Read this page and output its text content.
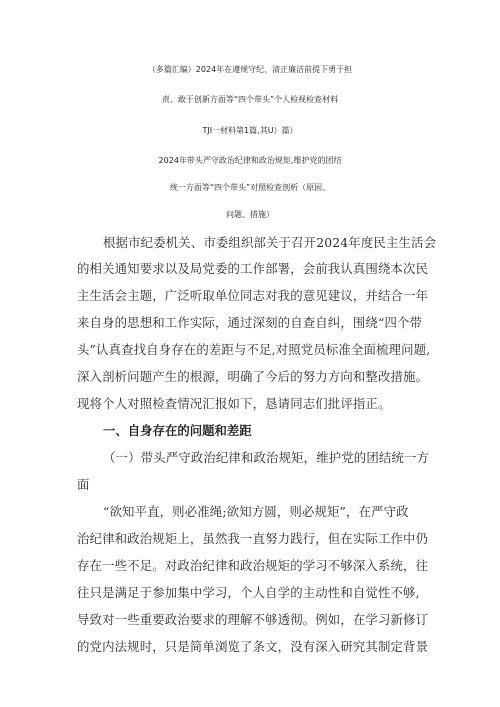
（多篇汇编）2024年在遵规守纪、清正廉洁前提下勇于担
责、敢于创新方面等“四个带头”个人检视检查材料
TJI一材料第1篇,其U）篇）
2024年带头严守政治纪律和政治规矩,维护党的团结
统一方面等“四个带头”对照检查剖析（原因、
问题、措施）
根据市纪委机关、市委组织部关于召开2024年度民主生活会
的相关通知要求以及局党委的工作部署，会前我认真围绕本次民
主生活会主题，广泛听取单位同志对我的意见建议，并结合一年
来自身的思想和工作实际，通过深刻的自查自纠，围绕“四个带
头”认真查找自身存在的差距与不足,对照党员标准全面梳理问题,
深入剖析问题产生的根源，明确了今后的努力方向和整改措施。
现将个人对照检查情况汇报如下，恳请同志们批评指正。
一、自身存在的问题和差距
（一）带头严守政治纪律和政治规矩，维护党的团结统一方
面
“欲知平直，则必准绳;欲知方圆，则必规矩”，在严守政
治纪律和政治规矩上，虽然我一直努力践行，但在实际工作中仍
存在一些不足。对政治纪律和政治规矩的学习不够深入系统，往
往只是满足于参加集中学习，个人自学的主动性和自觉性不够,
导致对一些重要政治要求的理解不够透彻。例如，在学习新修订
的党内法规时，只是简单浏览了条文，没有深入研究其制定背景
